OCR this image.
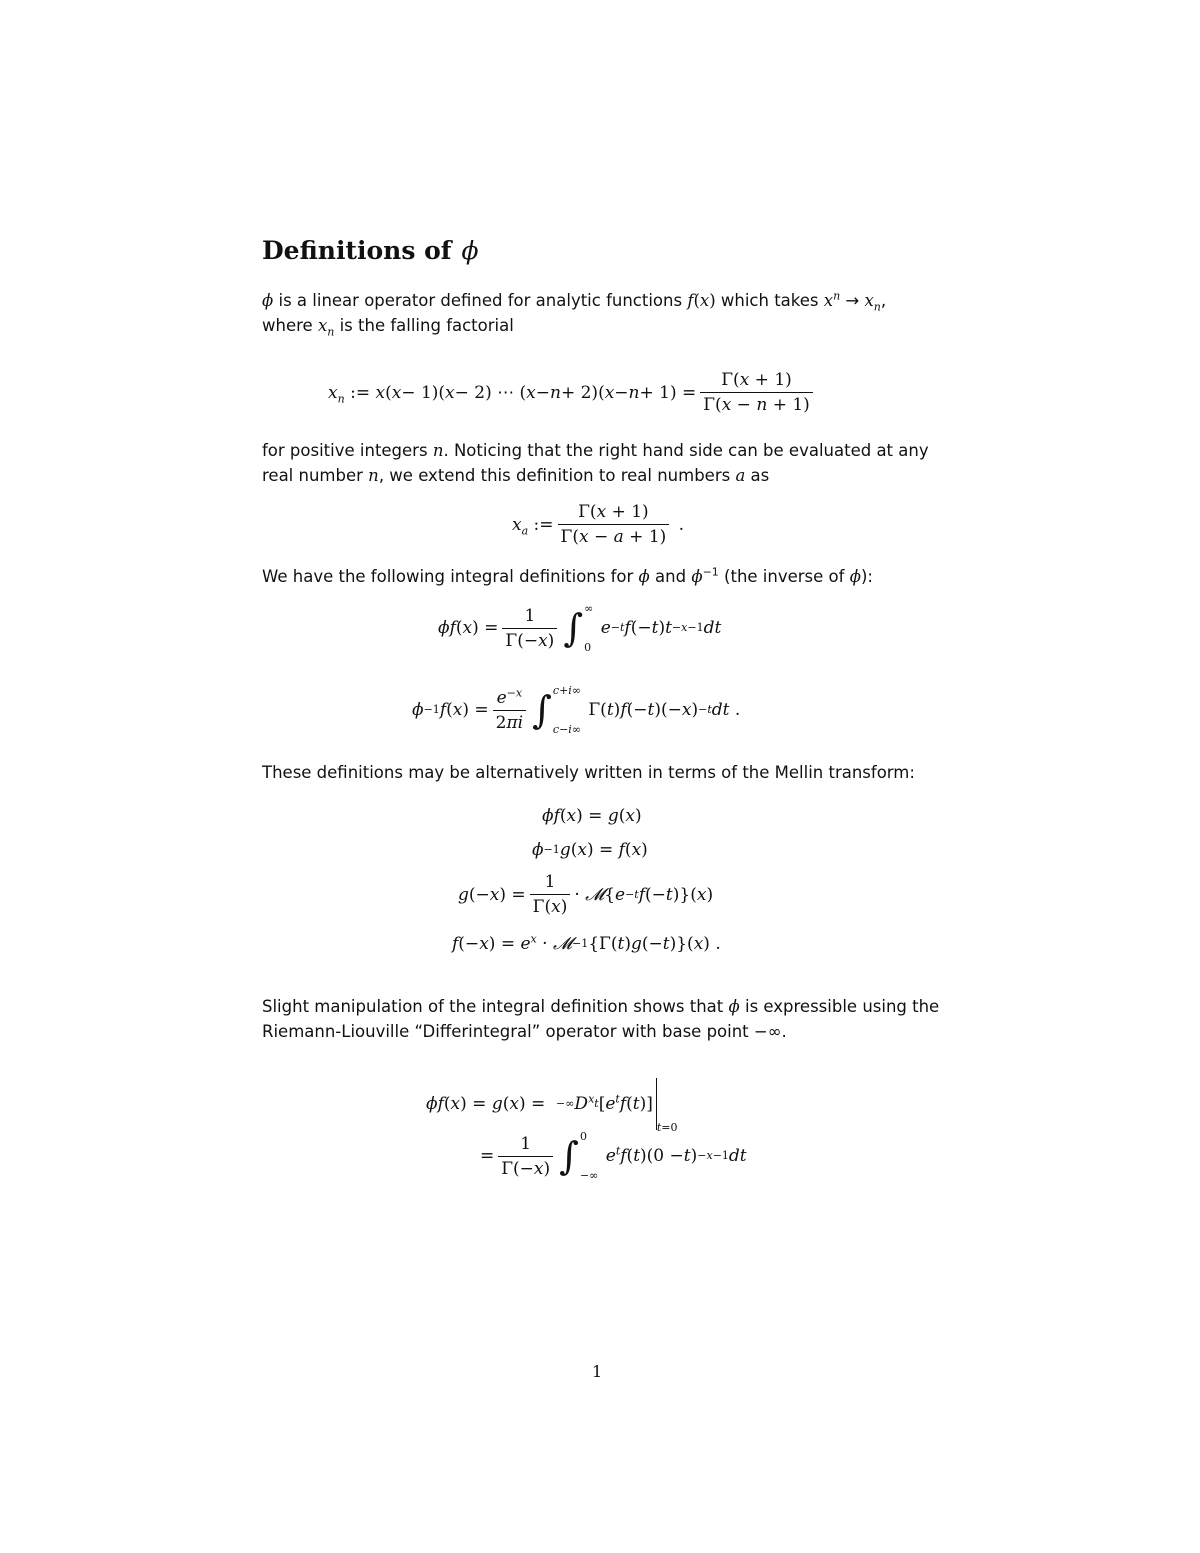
Definitions of ϕ
ϕ is a linear operator defined for analytic functions f(x) which takes $x^n \to x_n$,
where $x_n$ is the falling factorial
$x_n$ := x ( x − 1)( x − 2) ⋯ ( x − n + 2)( $x - n + 1) = \frac{\Gamma(x + 1)}{\Gamma(x - n + 1)}$
for positive integers n. Noticing that the right hand side can be evaluated at any real number n, we extend this definition to real numbers a as
$x_a$ := $\frac{\Gamma(x + 1)}{\Gamma(x - a + 1)}$ .
We have the following integral definitions for ϕ and $\phi^{-1}$ (the inverse of ϕ):
ϕf ( x ) = $\frac{1}{\Gamma(-x)}$ ∫ ∞
0

e −t f (− t ) t −x−1 dt
ϕ −1 f ( x ) = $\frac{e^{-x}}{2\pi i}$ ∫ c+i∞
c−i∞
Γ( t ) f (− t )(− x ) −t dt .
These definitions may be alternatively written in terms of the Mellin transform:
ϕf ( x ) = g ( x )
ϕ −1 g ( x ) = f ( x )
g (− x ) = $\frac{1}{\Gamma(x)}$ · 𝓜 { e −t f (− t )}( x )
f (− x ) = $e^x$ · 𝓜 −1 {Γ( t ) g (− t )}( x ) .
Slight manipulation of the integral definition shows that ϕ is expressible using the Riemann-Liouville “Differintegral” operator with base point −∞.
ϕf ( x ) = g ( x ) = −∞ $D^x$ t [ $e^tf$ ( t )]
t=0
= $\frac{1}{\Gamma(-x)}$ ∫ 0
−∞

$e^tf$ ( t )(0 − t ) −x−1 dt
1
